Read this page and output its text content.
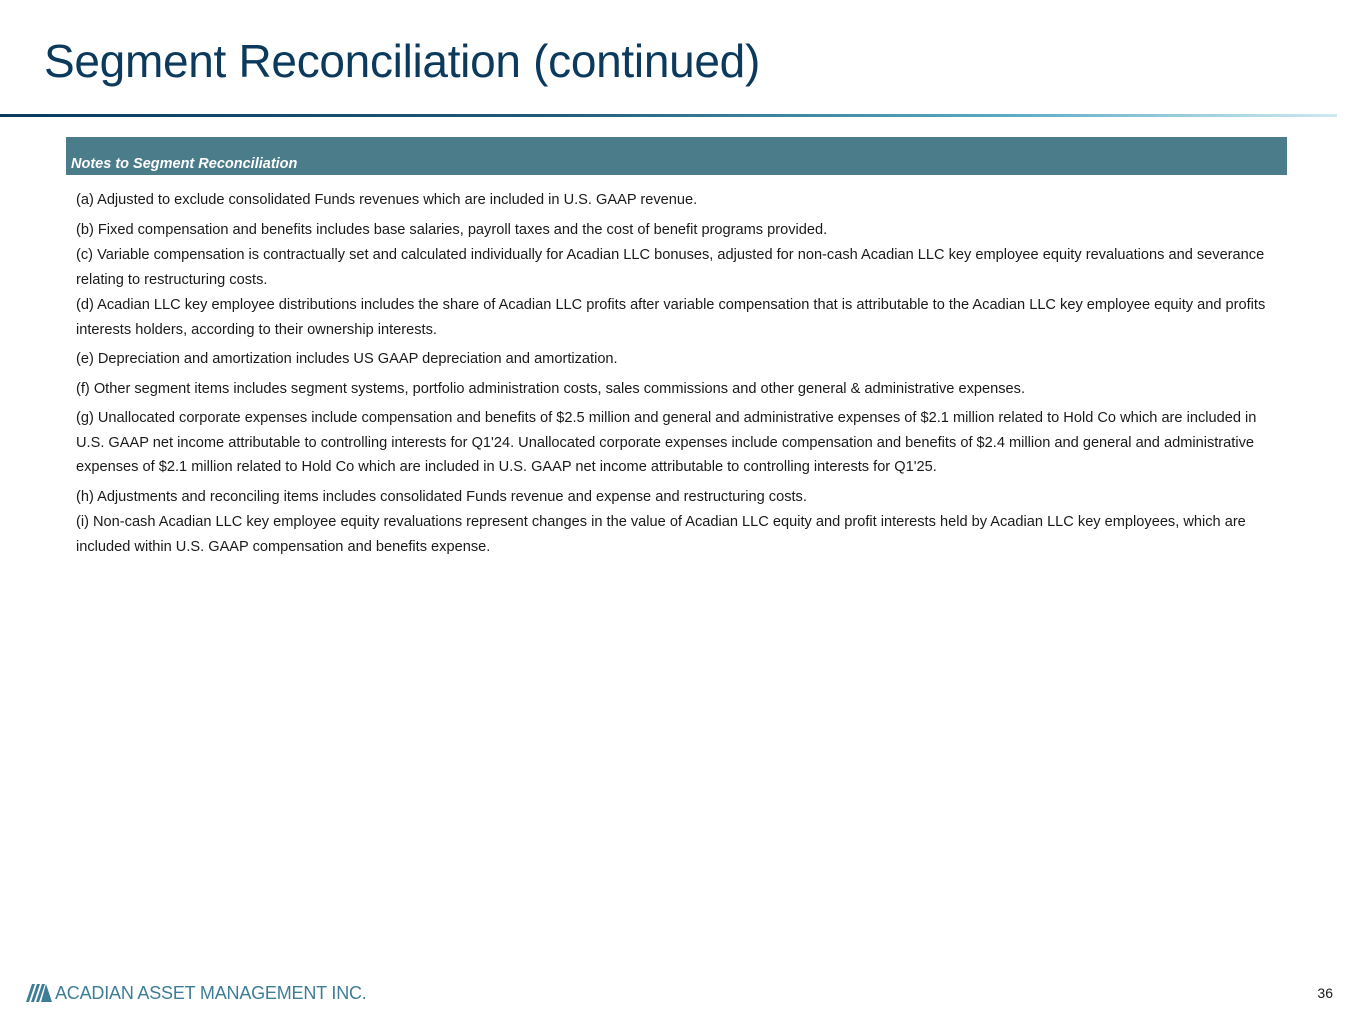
Segment Reconciliation (continued)
Notes to Segment Reconciliation
(a) Adjusted to exclude consolidated Funds revenues which are included in U.S. GAAP revenue.
(b) Fixed compensation and benefits includes base salaries, payroll taxes and the cost of benefit programs provided.
(c) Variable compensation is contractually set and calculated individually for Acadian LLC bonuses, adjusted for non-cash Acadian LLC key employee equity revaluations and severance relating to restructuring costs.
(d) Acadian LLC key employee distributions includes the share of Acadian LLC profits after variable compensation that is attributable to the Acadian LLC key employee equity and profits interests holders, according to their ownership interests.
(e) Depreciation and amortization includes US GAAP depreciation and amortization.
(f) Other segment items includes segment systems, portfolio administration costs, sales commissions and other general & administrative expenses.
(g) Unallocated corporate expenses include compensation and benefits of $2.5 million and general and administrative expenses of $2.1 million related to Hold Co which are included in U.S. GAAP net income attributable to controlling interests for Q1'24. Unallocated corporate expenses include compensation and benefits of $2.4 million and general and administrative expenses of $2.1 million related to Hold Co which are included in U.S. GAAP net income attributable to controlling interests for Q1'25.
(h) Adjustments and reconciling items includes consolidated Funds revenue and expense and restructuring costs.
(i) Non-cash Acadian LLC key employee equity revaluations represent changes in the value of Acadian LLC equity and profit interests held by Acadian LLC key employees, which are included within U.S. GAAP compensation and benefits expense.
ACADIAN ASSET MANAGEMENT INC.	36
